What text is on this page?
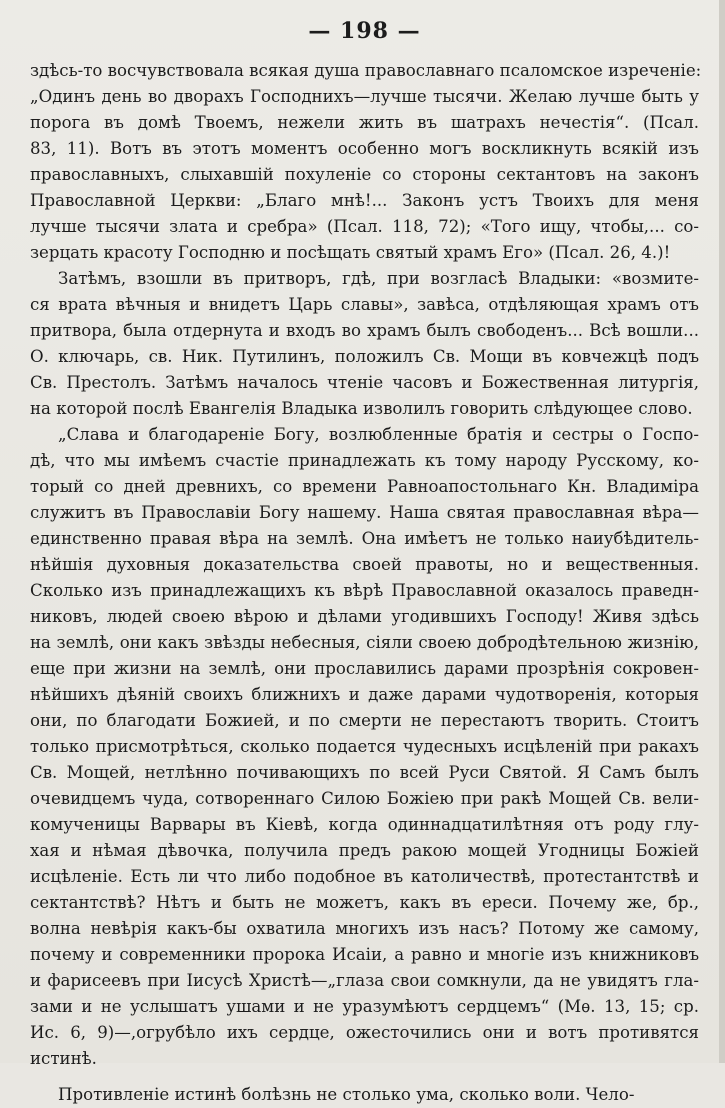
— 198 —
здѣсь-то восчувствовала всякая душа православнаго псаломское изреченіе:
„Одинъ день во дворахъ Господнихъ—лучше тысячи. Желаю лучше быть у
порога въ домѣ Твоемъ, нежели жить въ шатрахъ нечестія“. (Псал.
83, 11). Вотъ въ этотъ моментъ особенно могъ воскликнуть всякій изъ
православныхъ, слыхавшій похуленіе со стороны сектантовъ на законъ
Православной Церкви: „Благо мнѣ!... Законъ устъ Твоихъ для меня
лучше тысячи злата и сребра» (Псал. 118, 72); «Того ищу, чтобы,... со-
зерцать красоту Господню и посѣщать святый храмъ Его» (Псал. 26, 4.)!
Затѣмъ, взошли въ притворъ, гдѣ, при возгласѣ Владыки: «возмите-
ся врата вѣчныя и внидетъ Царь славы», завѣса, отдѣляющая храмъ отъ
притвора, была отдернута и входъ во храмъ былъ свободенъ... Всѣ вошли...
О. ключарь, св. Ник. Путилинъ, положилъ Св. Мощи въ ковчежцѣ подъ
Св. Престолъ. Затѣмъ началось чтеніе часовъ и Божественная литургія,
на которой послѣ Евангелія Владыка изволилъ говорить слѣдующее слово.
„Слава и благодареніе Богу, возлюбленные братія и сестры о Госпо-
дѣ, что мы имѣемъ счастіе принадлежать къ тому народу Русскому, ко-
торый со дней древнихъ, со времени Равноапостольнаго Кн. Владиміра
служитъ въ Православіи Богу нашему. Наша святая православная вѣра—
единственно правая вѣра на землѣ. Она имѣетъ не только наиубѣдитель-
нѣйшія духовныя доказательства своей правоты, но и вещественныя.
Сколько изъ принадлежащихъ къ вѣрѣ Православной оказалось праведн-
никовъ, людей своею вѣрою и дѣлами угодившихъ Господу! Живя здѣсь
на землѣ, они какъ звѣзды небесныя, сіяли своею добродѣтельною жизнію,
еще при жизни на землѣ, они прославились дарами прозрѣнія сокровен-
нѣйшихъ дѣяній своихъ ближнихъ и даже дарами чудотворенія, которыя
они, по благодати Божией, и по смерти не перестаютъ творить. Стоитъ
только присмотрѣться, сколько подается чудесныхъ исцѣленій при ракахъ
Св. Мощей, нетлѣнно почивающихъ по всей Руси Святой. Я Самъ былъ
очевидцемъ чуда, сотвореннаго Силою Божіею при ракѣ Мощей Св. вели-
комученицы Варвары въ Кіевѣ, когда одиннадцатилѣтняя отъ роду глу-
хая и нѣмая дѣвочка, получила предъ ракою мощей Угодницы Божіей
исцѣленіе. Есть ли что либо подобное въ католичествѣ, протестантствѣ и
сектантствѣ? Нѣтъ и быть не можетъ, какъ въ ереси. Почему же, бр.,
волна невѣрія какъ-бы охватила многихъ изъ насъ? Потому же самому,
почему и современники пророка Исаіи, а равно и многіе изъ книжниковъ
и фарисеевъ при Іисусѣ Христѣ—„глаза свои сомкнули, да не увидятъ гла-
зами и не услышатъ ушами и не уразумѣютъ сердцемъ“ (Мѳ. 13, 15; ср.
Ис. 6, 9)—,огрубѣло ихъ сердце, ожесточились они и вотъ противятся
истинѣ.
Противленіе истинѣ болѣзнь не столько ума, сколько воли. Чело-
